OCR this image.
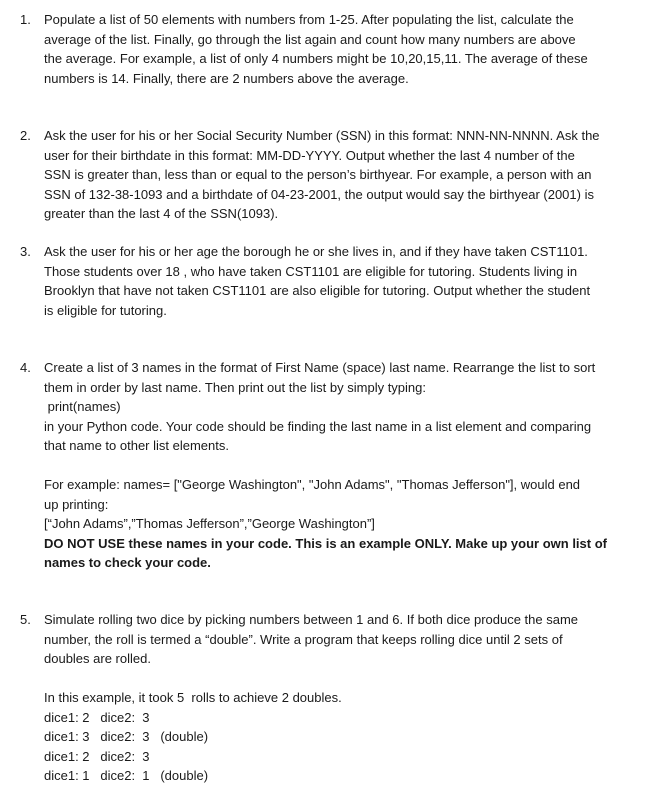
1. Populate a list of 50 elements with numbers from 1-25. After populating the list, calculate the

average of the list. Finally, go through the list again and count how many numbers are above

the average. For example, a list of only 4 numbers might be 10,20,15,11. The average of these

numbers is 14. Finally, there are 2 numbers above the average.

2. Ask the user for his or her Social Security Number (SSN) in this format: NNN-NN-NNNN. Ask the

user for their birthdate in this format: MM-DD-YYYY. Output whether the last 4 number of the

SSN is greater than, less than or equal to the person’s birthyear. For example, a person with an

SSN of 132-38-1093 and a birthdate of 04-23-2001, the output would say the birthyear (2001) is

greater than the last 4 of the SSN(1093).

3. Ask the user for his or her age the borough he or she lives in, and if they have taken CST1101.

Those students over 18 , who have taken CST1101 are eligible for tutoring. Students living in

Brooklyn that have not taken CST1101 are also eligible for tutoring. Output whether the student

is eligible for tutoring.

4. Create a list of 3 names in the format of First Name (space) last name. Rearrange the list to sort

them in order by last name. Then print out the list by simply typing:

print(names)

in your Python code. Your code should be finding the last name in a list element and comparing

that name to other list elements.

For example: names= ["George Washington", "John Adams", "Thomas Jefferson"], would end

up printing:

[“John Adams”,”Thomas Jefferson”,”George Washington”]

DO NOT USE these names in your code. This is an example ONLY. Make up your own list of

names to check your code.

5. Simulate rolling two dice by picking numbers between 1 and 6. If both dice produce the same

number, the roll is termed a “double”. Write a program that keeps rolling dice until 2 sets of

doubles are rolled.

In this example, it took 5  rolls to achieve 2 doubles.

dice1: 2   dice2:  3

dice1: 3   dice2:  3   (double)

dice1: 2   dice2:  3

dice1: 1   dice2:  1   (double)
